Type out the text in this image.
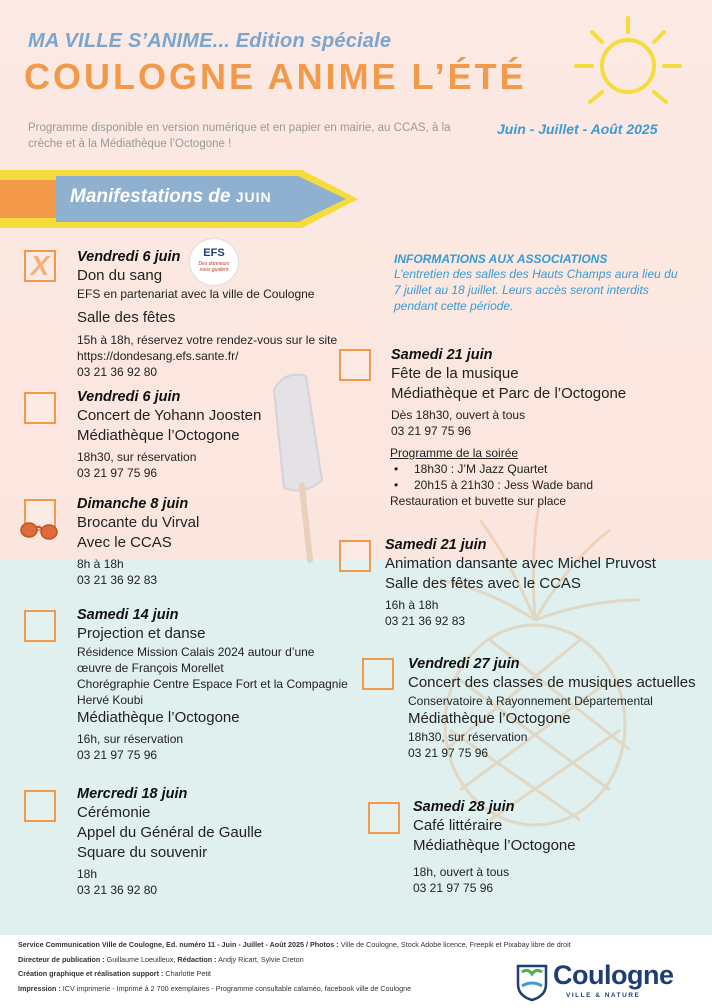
MA VILLE S’ANIME... Edition spéciale
COULOGNE ANIME L’ÉTÉ
Programme disponible en version numérique et en papier en mairie, au CCAS, à la crèche et à la Médiathèque l’Octogone !
Juin - Juillet - Août 2025
Manifestations de JUIN
X	Vendredi 6 juin
Don du sang
EFS en partenariat avec la ville de Coulogne
Salle des fêtes
15h à 18h, réservez votre rendez-vous sur le site https://dondesang.efs.sante.fr/
03 21 36 92 80
EFS
Des donneurs nous guident
Vendredi 6 juin
Concert de Yohann Joosten
Médiathèque l’Octogone
18h30, sur réservation
03 21 97 75 96
Dimanche 8 juin
Brocante du Virval
Avec le CCAS
8h à 18h
03 21 36 92 83
Samedi 14 juin
Projection et danse
Résidence Mission Calais 2024 autour d’une œuvre de François Morellet
Chorégraphie Centre Espace Fort et la Compagnie Hervé Koubi
Médiathèque l’Octogone
16h, sur réservation
03 21 97 75 96
Mercredi 18 juin
Cérémonie
Appel du Général de Gaulle
Square du souvenir
18h
03 21 36 92 80
INFORMATIONS AUX ASSOCIATIONS
L’entretien des salles des Hauts Champs aura lieu du 7 juillet au 18 juillet. Leurs accès seront interdits pendant cette période.
Samedi 21 juin
Fête de la musique
Médiathèque et Parc de l’Octogone
Dès 18h30, ouvert à tous
03 21 97 75 96
Programme de la soirée
• 18h30 : J’M Jazz Quartet
• 20h15 à 21h30 : Jess Wade band
Restauration et buvette sur place
Samedi 21 juin
Animation dansante avec Michel Pruvost
Salle des fêtes avec le CCAS
16h à 18h
03 21 36 92 83
Vendredi 27 juin
Concert des classes de musiques actuelles
Conservatoire à Rayonnement Départemental
Médiathèque l’Octogone
18h30, sur réservation
03 21 97 75 96
Samedi 28 juin
Café littéraire
Médiathèque l’Octogone
18h, ouvert à tous
03 21 97 75 96
Service Communication Ville de Coulogne, Ed. numéro 11 - Juin - Juillet - Août 2025 / Photos : Ville de Coulogne, Stock Adobe licence, Freepik et Pixabay libre de droit
Directeur de publication : Guillaume Loeuilleux, Rédaction : Andjy Ricart, Sylvie Creton
Création graphique et réalisation support : Charlotte Petit
Impression : ICV imprimerie - Imprimé à 2 700 exemplaires - Programme consultable calaméo, facebook ville de Coulogne	Coulogne
VILLE & NATURE
